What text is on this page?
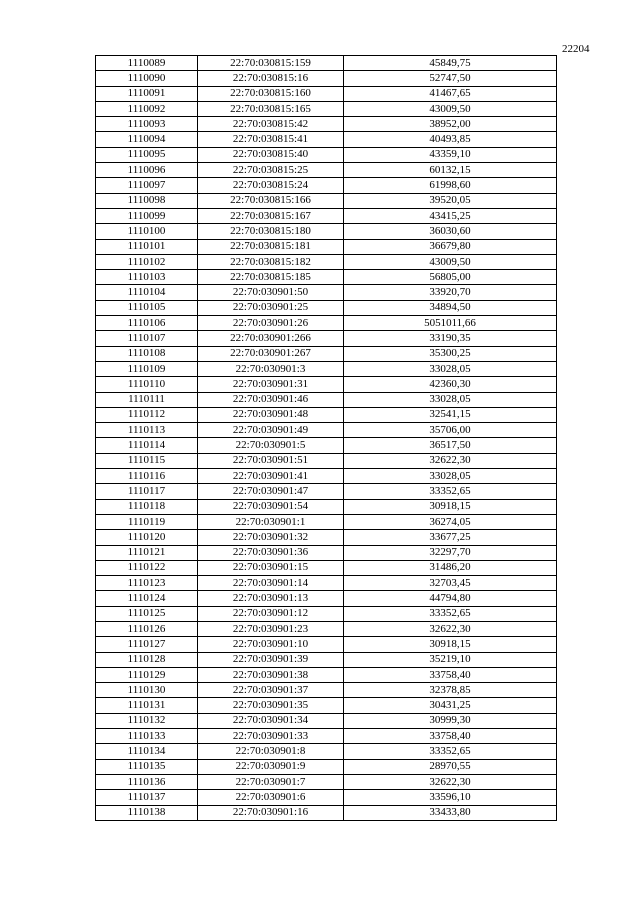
22204
1110089	22:70:030815:159	45849,75
1110090	22:70:030815:16	52747,50
1110091	22:70:030815:160	41467,65
1110092	22:70:030815:165	43009,50
1110093	22:70:030815:42	38952,00
1110094	22:70:030815:41	40493,85
1110095	22:70:030815:40	43359,10
1110096	22:70:030815:25	60132,15
1110097	22:70:030815:24	61998,60
1110098	22:70:030815:166	39520,05
1110099	22:70:030815:167	43415,25
1110100	22:70:030815:180	36030,60
1110101	22:70:030815:181	36679,80
1110102	22:70:030815:182	43009,50
1110103	22:70:030815:185	56805,00
1110104	22:70:030901:50	33920,70
1110105	22:70:030901:25	34894,50
1110106	22:70:030901:26	5051011,66
1110107	22:70:030901:266	33190,35
1110108	22:70:030901:267	35300,25
1110109	22:70:030901:3	33028,05
1110110	22:70:030901:31	42360,30
1110111	22:70:030901:46	33028,05
1110112	22:70:030901:48	32541,15
1110113	22:70:030901:49	35706,00
1110114	22:70:030901:5	36517,50
1110115	22:70:030901:51	32622,30
1110116	22:70:030901:41	33028,05
1110117	22:70:030901:47	33352,65
1110118	22:70:030901:54	30918,15
1110119	22:70:030901:1	36274,05
1110120	22:70:030901:32	33677,25
1110121	22:70:030901:36	32297,70
1110122	22:70:030901:15	31486,20
1110123	22:70:030901:14	32703,45
1110124	22:70:030901:13	44794,80
1110125	22:70:030901:12	33352,65
1110126	22:70:030901:23	32622,30
1110127	22:70:030901:10	30918,15
1110128	22:70:030901:39	35219,10
1110129	22:70:030901:38	33758,40
1110130	22:70:030901:37	32378,85
1110131	22:70:030901:35	30431,25
1110132	22:70:030901:34	30999,30
1110133	22:70:030901:33	33758,40
1110134	22:70:030901:8	33352,65
1110135	22:70:030901:9	28970,55
1110136	22:70:030901:7	32622,30
1110137	22:70:030901:6	33596,10
1110138	22:70:030901:16	33433,80
